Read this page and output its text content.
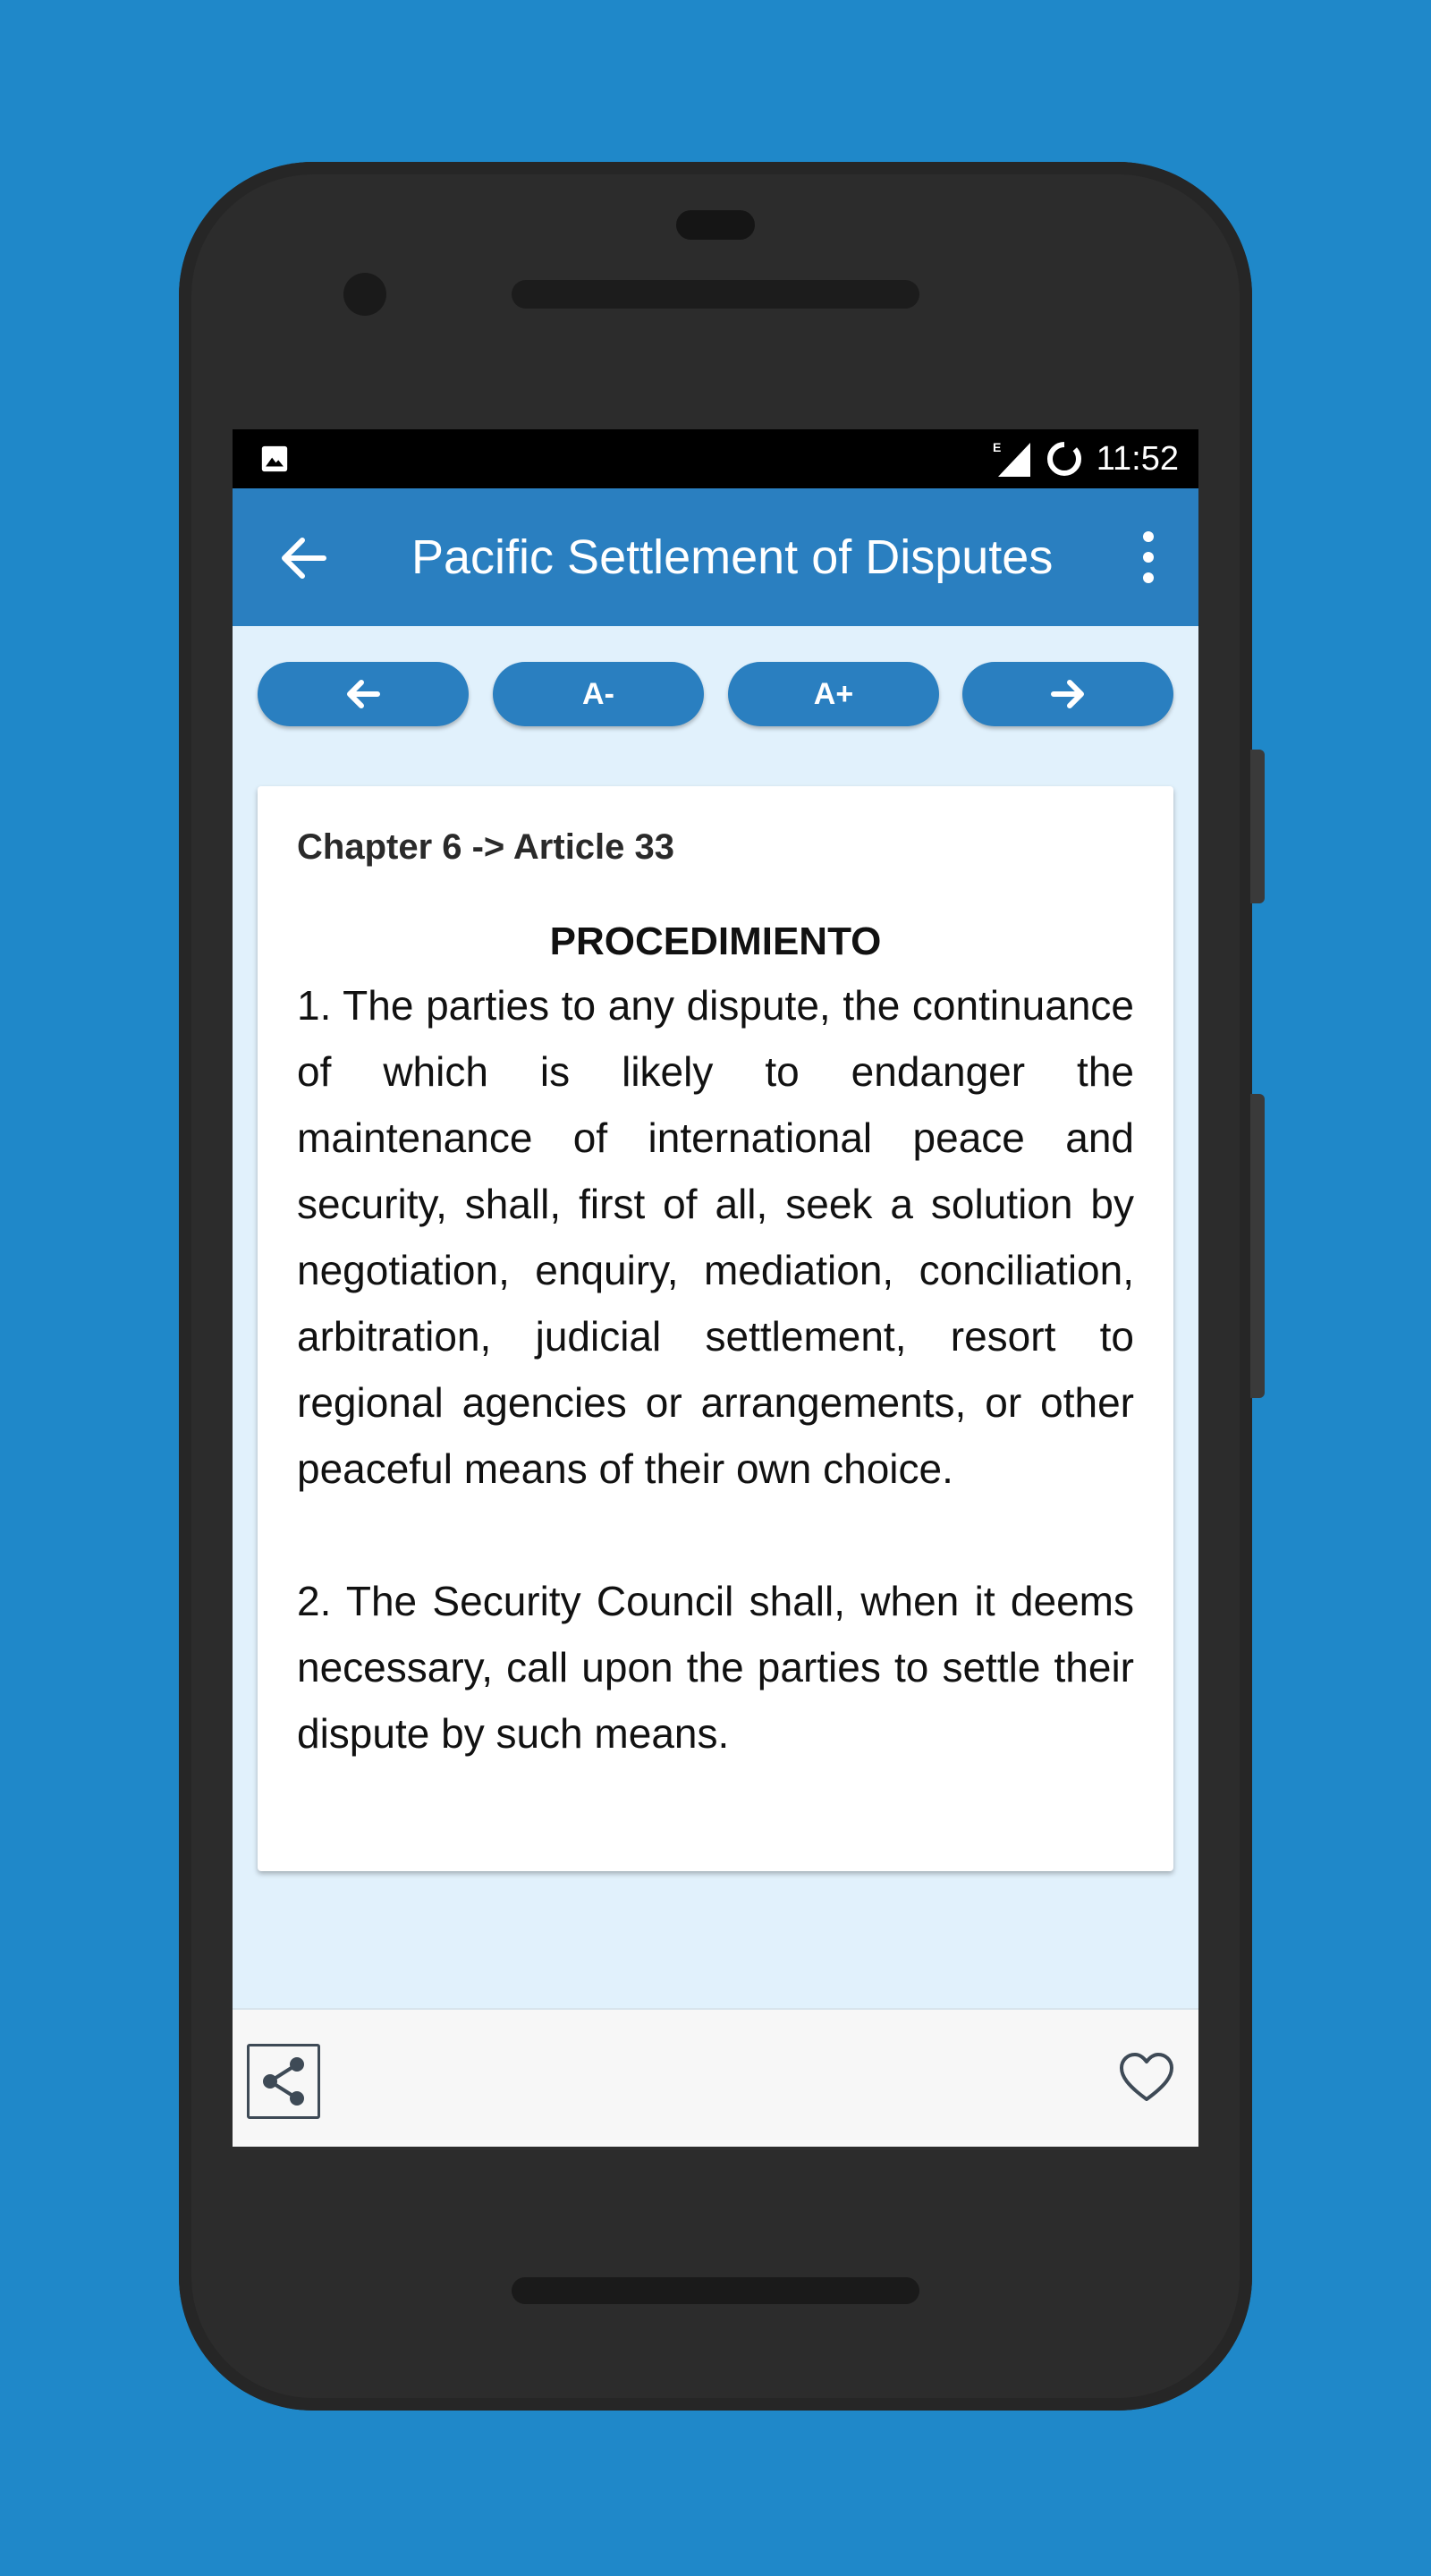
E	11:52
Pacific Settlement of Disputes
A-	A+
Chapter 6 -> Article 33
PROCEDIMIENTO

1. The parties to any dispute, the continuance of which is likely to endanger the maintenance of international peace and security, shall, first of all, seek a solution by negotiation, enquiry, mediation, conciliation, arbitration, judicial settlement, resort to regional agencies or arrangements, or other peaceful means of their own choice.

2. The Security Council shall, when it deems necessary, call upon the parties to settle their dispute by such means.
